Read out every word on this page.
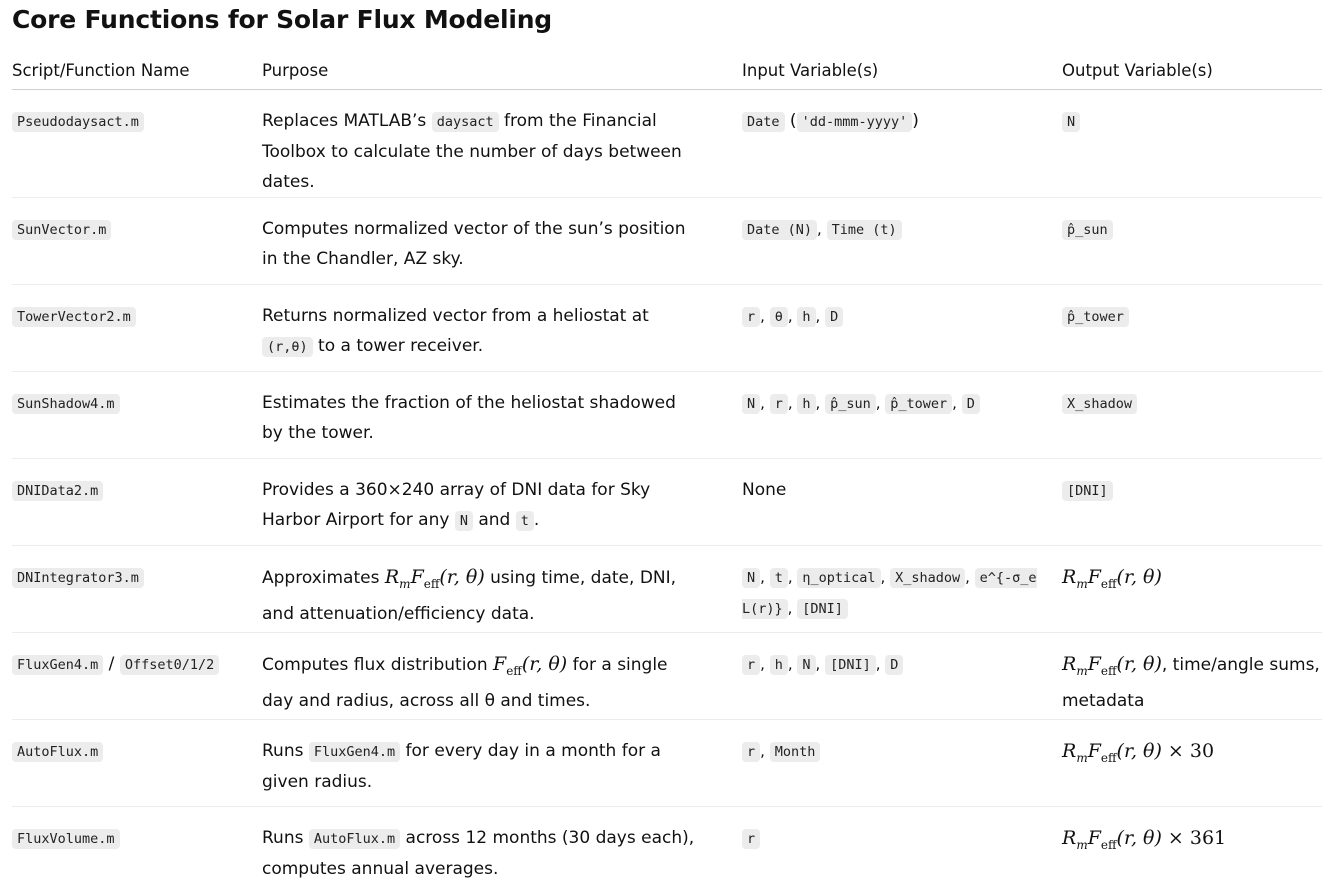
Core Functions for Solar Flux Modeling
Script/Function Name	Purpose	Input Variable(s)	Output Variable(s)
Pseudodaysact.m	Replaces MATLAB’s daysact from the Financial Toolbox to calculate the number of days between dates.	Date ( 'dd-mmm-yyyy' )	N
SunVector.m	Computes normalized vector of the sun’s position in the Chandler, AZ sky.	Date (N) , Time (t)	p̂_sun
TowerVector2.m	Returns normalized vector from a heliostat at (r,θ) to a tower receiver.	r , θ , h , D	p̂_tower
SunShadow4.m	Estimates the fraction of the heliostat shadowed by the tower.	N , r , h , p̂_sun , p̂_tower , D	X_shadow
DNIData2.m	Provides a 360×240 array of DNI data for Sky Harbor Airport for any N and t .	None	[DNI]
DNIntegrator3.m	Approximates $R_mF_{eff}(r$, θ) using time, date, DNI, and attenuation/efficiency data.	N , t , η_optical , X_shadow , e^{-σ_e L(r)} , [DNI]	$R_mF_{eff}(r$, θ)
FluxGen4.m / Offset0/1/2	Computes flux distribution $F_{eff}(r$, θ) for a single day and radius, across all θ and times.	r , h , N , [DNI] , D	$R_mF_{eff}(r$, θ), time/angle sums, metadata
AutoFlux.m	Runs FluxGen4.m for every day in a month for a given radius.	r , Month	$R_mF_{eff}(r$, θ) × 30
FluxVolume.m	Runs AutoFlux.m across 12 months (30 days each), computes annual averages.	r	$R_mF_{eff}(r$, θ) × 361
